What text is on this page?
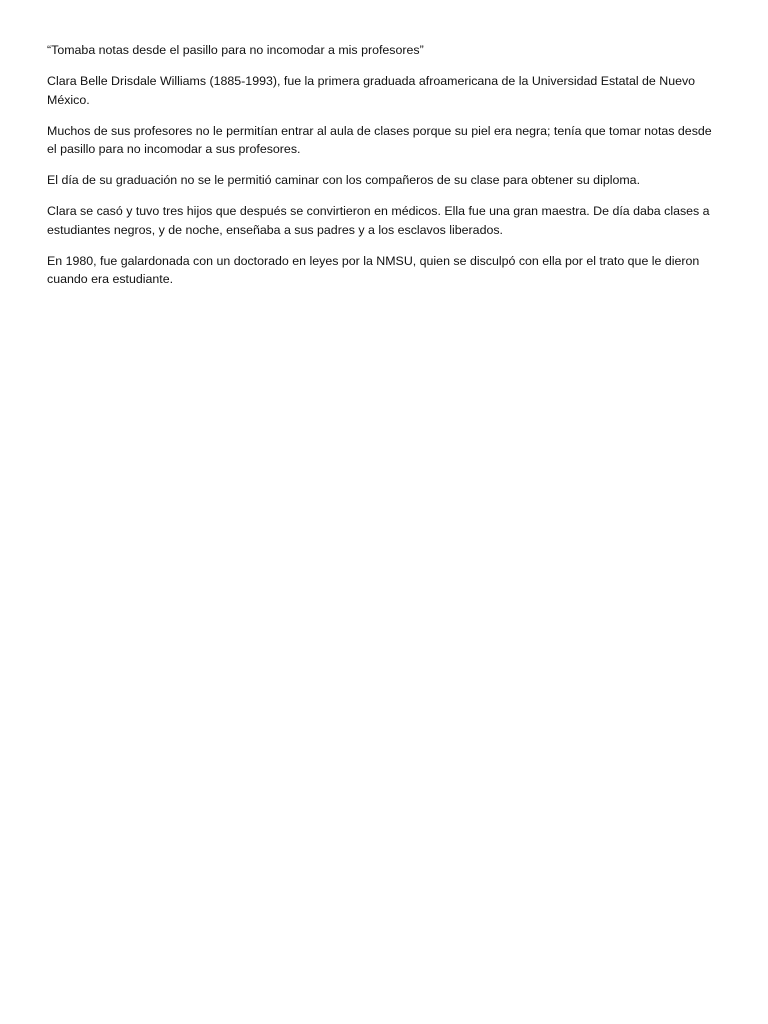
“Tomaba notas desde el pasillo para no incomodar a mis profesores”

Clara Belle Drisdale Williams (1885-1993), fue la primera graduada afroamericana de la Universidad Estatal de Nuevo México.

Muchos de sus profesores no le permitían entrar al aula de clases porque su piel era negra; tenía que tomar notas desde el pasillo para no incomodar a sus profesores.

El día de su graduación no se le permitió caminar con los compañeros de su clase para obtener su diploma.

Clara se casó y tuvo tres hijos que después se convirtieron en médicos. Ella fue una gran maestra. De día daba clases a estudiantes negros, y de noche, enseñaba a sus padres y a los esclavos liberados.

En 1980, fue galardonada con un doctorado en leyes por la NMSU, quien se disculpó con ella por el trato que le dieron cuando era estudiante.
